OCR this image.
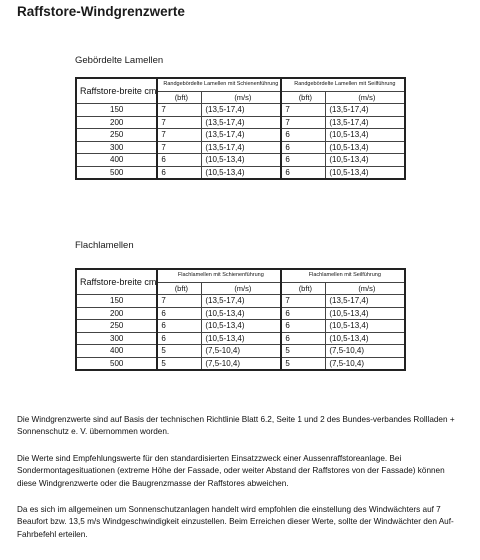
Raffstore-Windgrenzwerte
Gebördelte Lamellen
Raffstore-breite cm	Randgebördelte Lamellen mit Schienenführung		Randgebördelte Lamellen mit Seilführung	
	(bft)	(m/s)	(bft)	(m/s)
150	7	(13,5-17,4)	7	(13,5-17,4)
200	7	(13,5-17,4)	7	(13,5-17,4)
250	7	(13,5-17,4)	6	(10,5-13,4)
300	7	(13,5-17,4)	6	(10,5-13,4)
400	6	(10,5-13,4)	6	(10,5-13,4)
500	6	(10,5-13,4)	6	(10,5-13,4)
Flachlamellen
Raffstore-breite cm	Flachlamellen mit Schienenführung		Flachlamellen mit Seilführung	
	(bft)	(m/s)	(bft)	(m/s)
150	7	(13,5-17,4)	7	(13,5-17,4)
200	6	(10,5-13,4)	6	(10,5-13,4)
250	6	(10,5-13,4)	6	(10,5-13,4)
300	6	(10,5-13,4)	6	(10,5-13,4)
400	5	(7,5-10,4)	5	(7,5-10,4)
500	5	(7,5-10,4)	5	(7,5-10,4)
Die Windgrenzwerte sind auf Basis der technischen Richtlinie Blatt 6.2, Seite 1 und 2 des Bundes-verbandes Rollladen + Sonnenschutz e. V. übernommen worden.
Die Werte sind Empfehlungswerte für den standardisierten Einsatzzweck einer Aussenraffstoreanlage. Bei Sondermontagesituationen (extreme Höhe der Fassade, oder weiter Abstand der Raffstores von der Fassade) können diese Windgrenzwerte oder die Baugrenzmasse der Raffstores abweichen.
Da es sich im allgemeinen um Sonnenschutzanlagen handelt wird empfohlen die einstellung des Windwächters auf 7 Beaufort bzw. 13,5 m/s Windgeschwindigkeit einzustellen. Beim Erreichen dieser Werte, sollte der Windwächter den Auf-Fahrbefehl erteilen.
